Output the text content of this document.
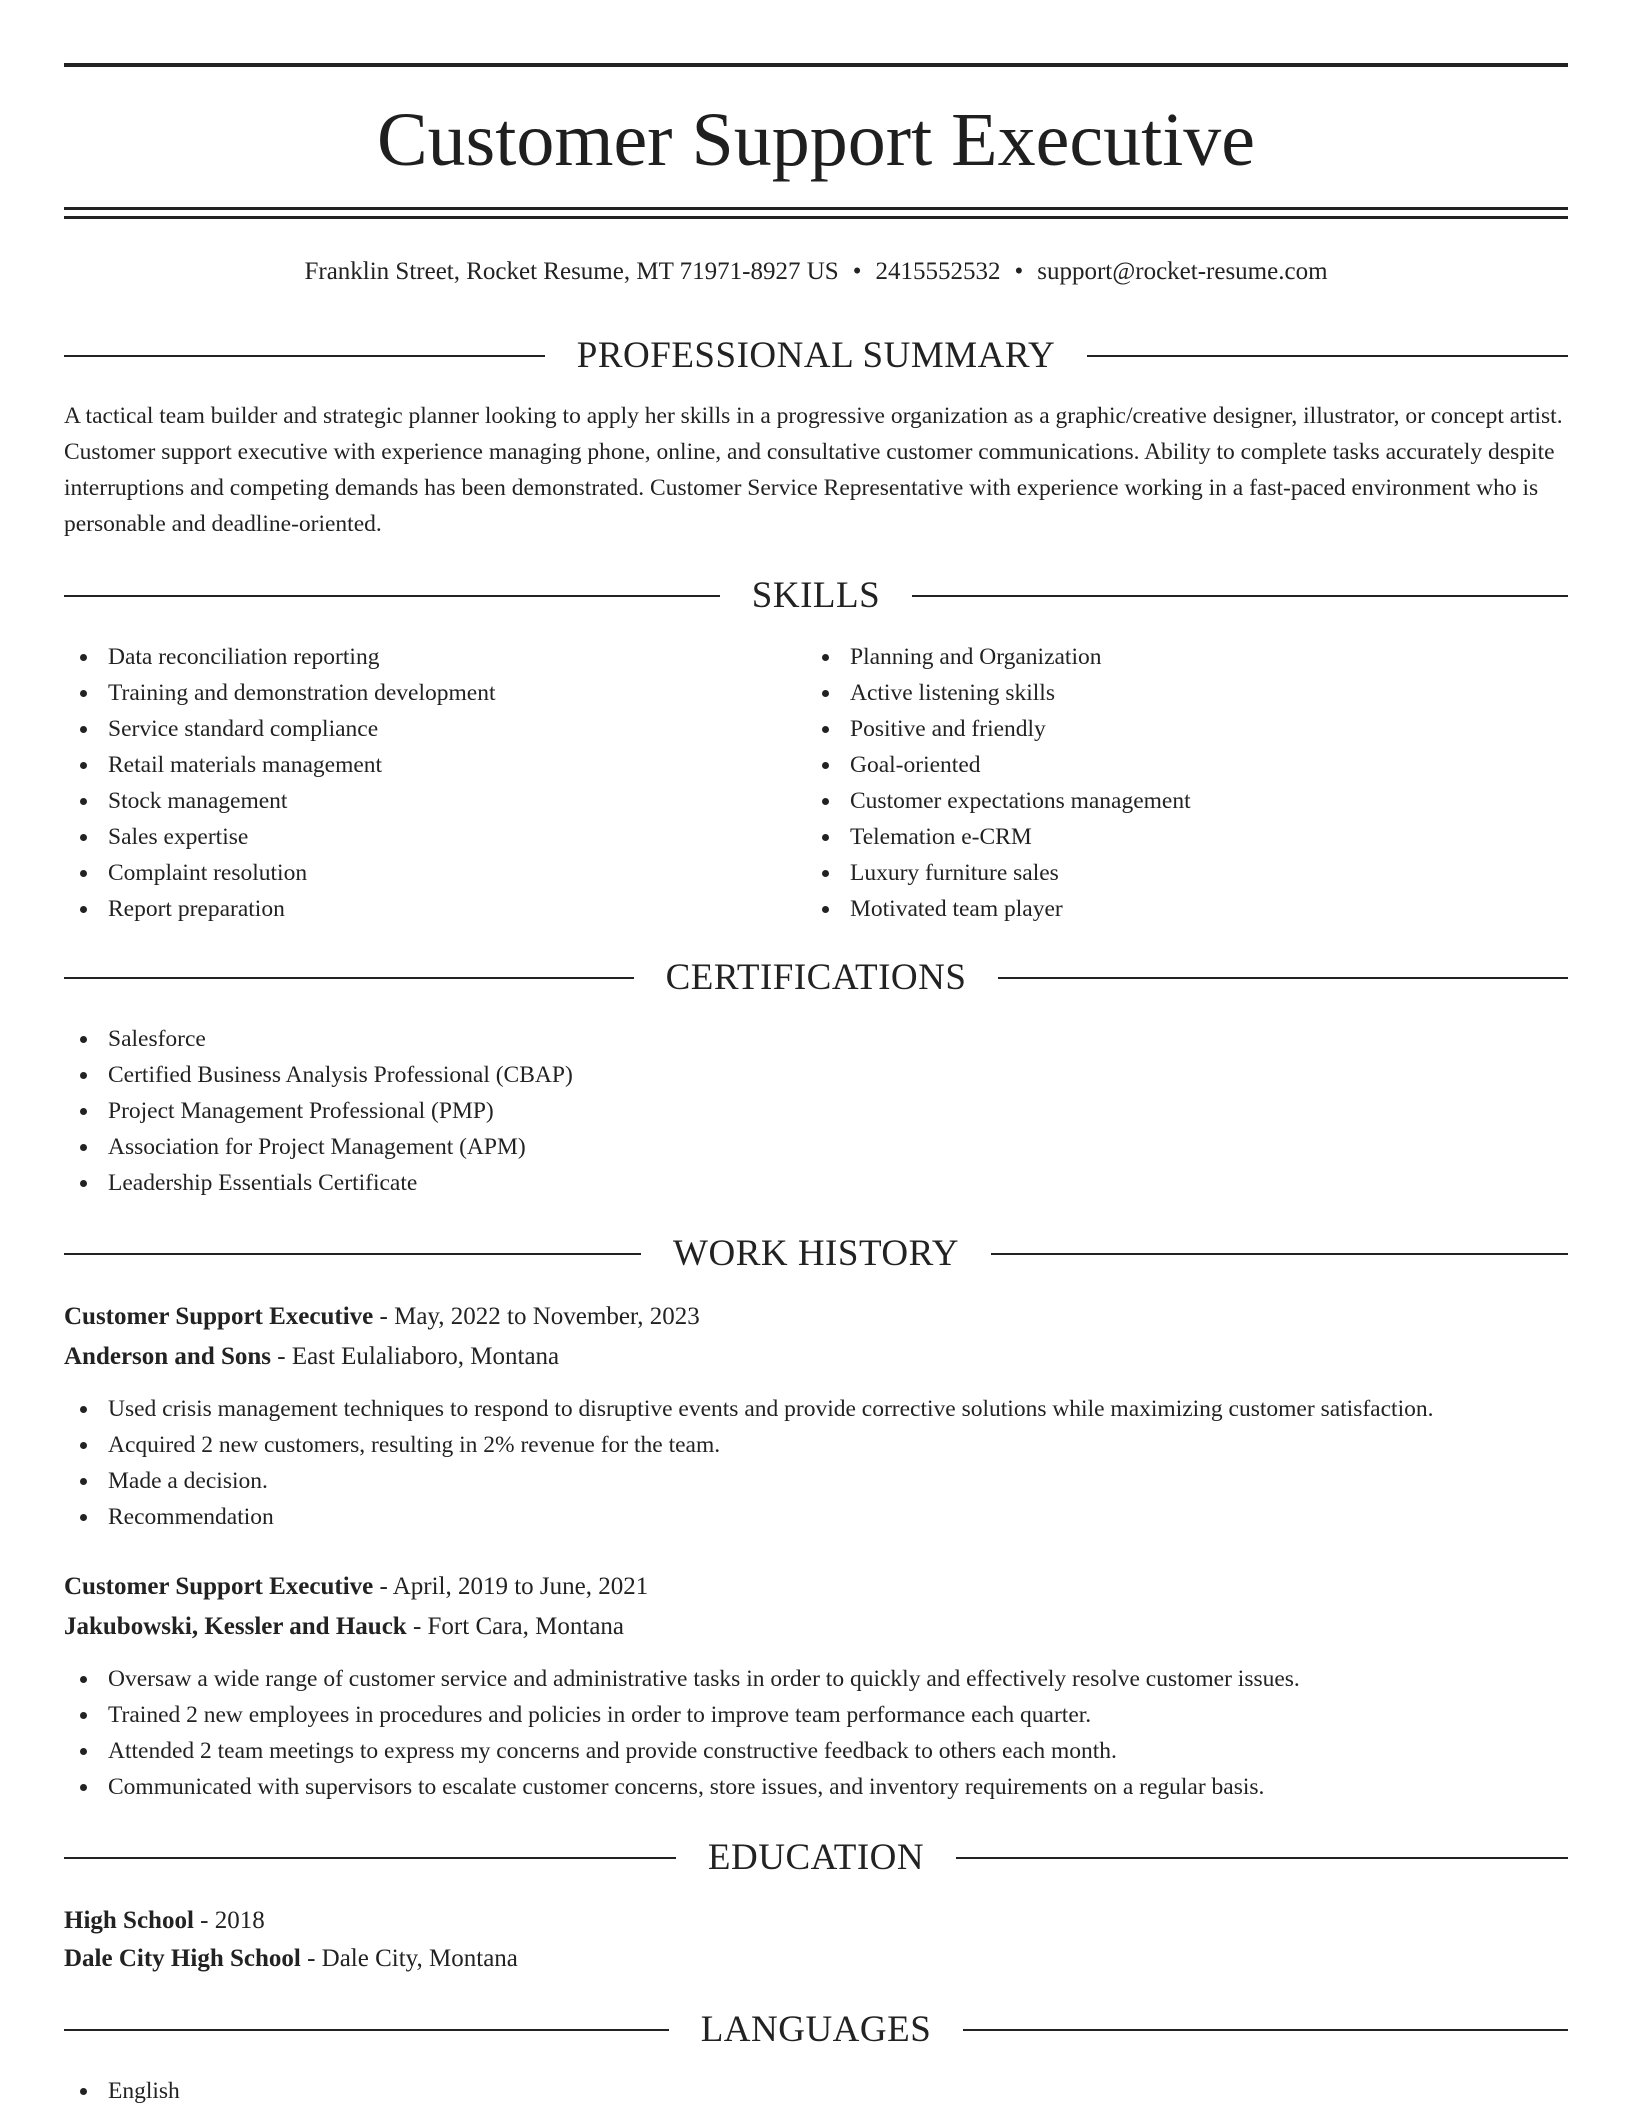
Customer Support Executive
Franklin Street, Rocket Resume, MT 71971-8927 US • 2415552532 • support@rocket-resume.com
PROFESSIONAL SUMMARY

A tactical team builder and strategic planner looking to apply her skills in a progressive organization as a graphic/creative designer, illustrator, or concept artist. Customer support executive with experience managing phone, online, and consultative customer communications. Ability to complete tasks accurately despite interruptions and competing demands has been demonstrated. Customer Service Representative with experience working in a fast-paced environment who is personable and deadline-oriented.

SKILLS
Data reconciliation reporting
Training and demonstration development
Service standard compliance
Retail materials management
Stock management
Sales expertise
Complaint resolution
Report preparation
Planning and Organization
Active listening skills
Positive and friendly
Goal-oriented
Customer expectations management
Telemation e-CRM
Luxury furniture sales
Motivated team player
CERTIFICATIONS
Salesforce
Certified Business Analysis Professional (CBAP)
Project Management Professional (PMP)
Association for Project Management (APM)
Leadership Essentials Certificate
WORK HISTORY
Customer Support Executive - May, 2022 to November, 2023
Anderson and Sons - East Eulaliaboro, Montana
Used crisis management techniques to respond to disruptive events and provide corrective solutions while maximizing customer satisfaction.
Acquired 2 new customers, resulting in 2% revenue for the team.
Made a decision.
Recommendation
Customer Support Executive - April, 2019 to June, 2021
Jakubowski, Kessler and Hauck - Fort Cara, Montana
Oversaw a wide range of customer service and administrative tasks in order to quickly and effectively resolve customer issues.
Trained 2 new employees in procedures and policies in order to improve team performance each quarter.
Attended 2 team meetings to express my concerns and provide constructive feedback to others each month.
Communicated with supervisors to escalate customer concerns, store issues, and inventory requirements on a regular basis.
EDUCATION
High School - 2018
Dale City High School - Dale City, Montana
LANGUAGES
English
